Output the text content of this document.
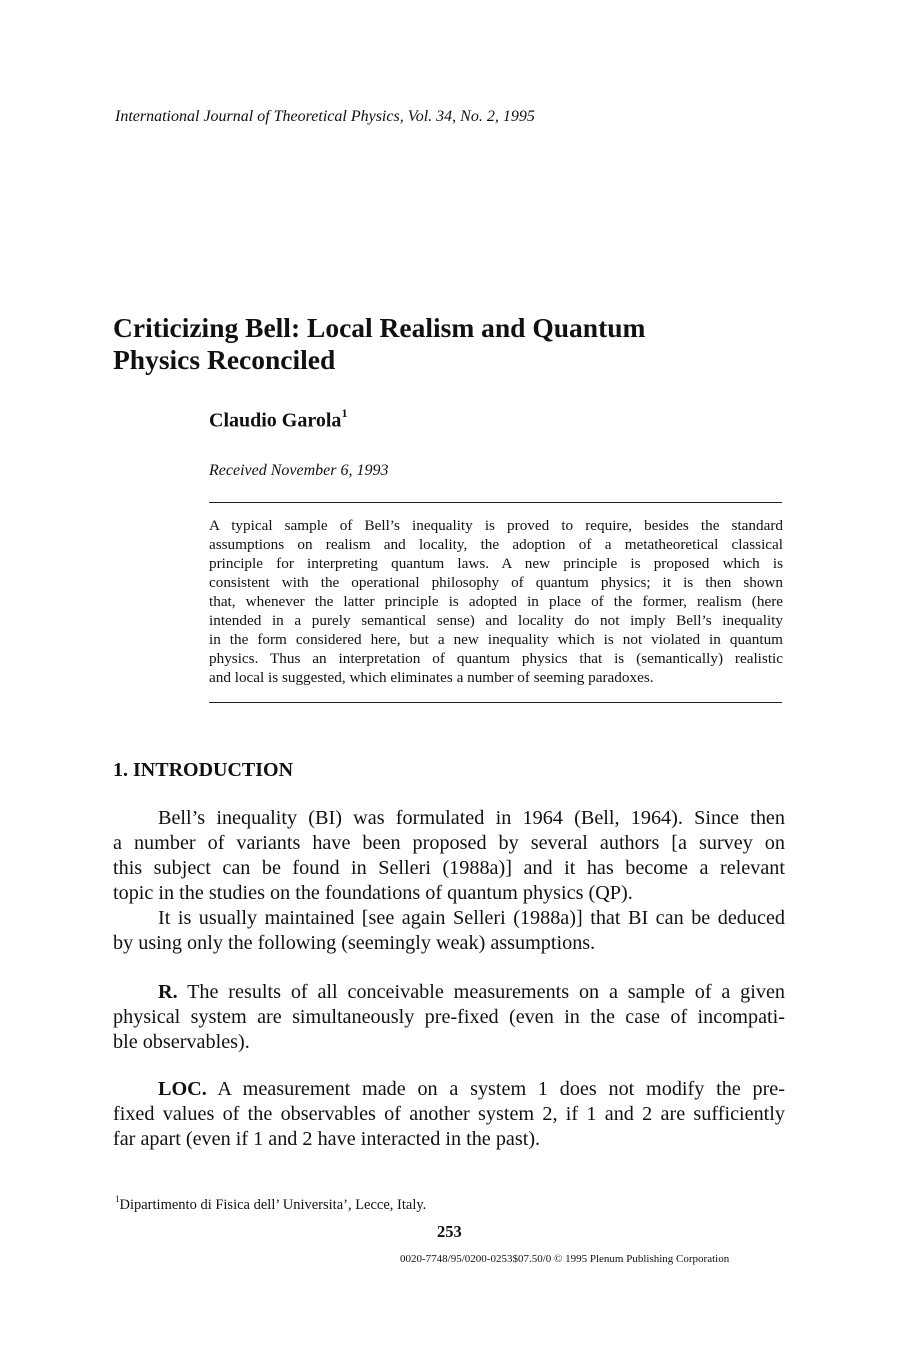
International Journal of Theoretical Physics, Vol. 34, No. 2, 1995
Criticizing Bell: Local Realism and Quantum
Physics Reconciled
Claudio Garola$^1$
Received November 6, 1993
A typical sample of Bell’s inequality is proved to require, besides the standard
assumptions on realism and locality, the adoption of a metatheoretical classical
principle for interpreting quantum laws. A new principle is proposed which is
consistent with the operational philosophy of quantum physics; it is then shown
that, whenever the latter principle is adopted in place of the former, realism (here
intended in a purely semantical sense) and locality do not imply Bell’s inequality
in the form considered here, but a new inequality which is not violated in quantum
physics. Thus an interpretation of quantum physics that is (semantically) realistic
and local is suggested, which eliminates a number of seeming paradoxes.
1. INTRODUCTION
Bell’s inequality (BI) was formulated in 1964 (Bell, 1964). Since then
a number of variants have been proposed by several authors [a survey on
this subject can be found in Selleri (1988a)] and it has become a relevant
topic in the studies on the foundations of quantum physics (QP).
It is usually maintained [see again Selleri (1988a)] that BI can be deduced
by using only the following (seemingly weak) assumptions.
R. The results of all conceivable measurements on a sample of a given
physical system are simultaneously pre-fixed (even in the case of incompati-
ble observables).
LOC. A measurement made on a system 1 does not modify the pre-
fixed values of the observables of another system 2, if 1 and 2 are sufficiently
far apart (even if 1 and 2 have interacted in the past).
$^1$Dipartimento di Fisica dell’ Universita’, Lecce, Italy.
253
0020-7748/95/0200-0253$07.50/0 © 1995 Plenum Publishing Corporation
